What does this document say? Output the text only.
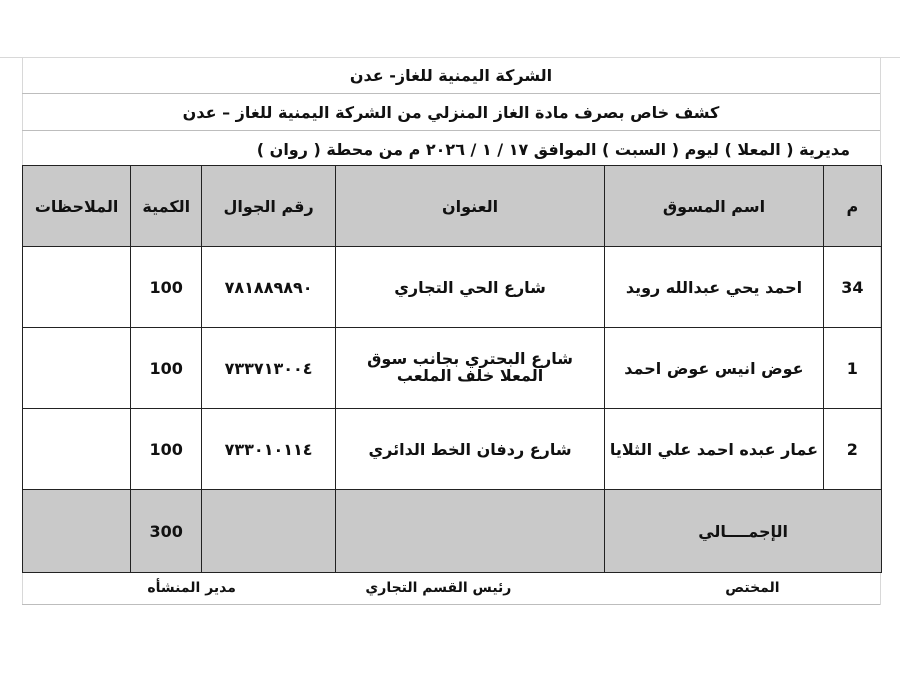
الشركة اليمنية للغاز- عدن
كشف خاص بصرف مادة الغاز المنزلي من الشركة اليمنية للغاز – عدن
مديرية ( المعلا ) ليوم ( السبت ) الموافق ١٧ / ١ / ٢٠٢٦ م من محطة ( روان )
م	اسم المسوق	العنوان	رقم الجوال	الكمية	الملاحظات
34	احمد يحي عبدالله رويد	شارع الحي التجاري	٧٨١٨٨٩٨٩٠	100	
1	عوض انيس عوض احمد	شارع البحتري بجانب سوق المعلا خلف الملعب	٧٣٣٧١٣٠٠٤	100	
2	عمار عبده احمد علي الثلايا	شارع ردفان الخط الدائري	٧٣٣٠١٠١١٤	100	
الإجمــــالي				300	
المختص
رئيس القسم التجاري
مدير المنشأه
